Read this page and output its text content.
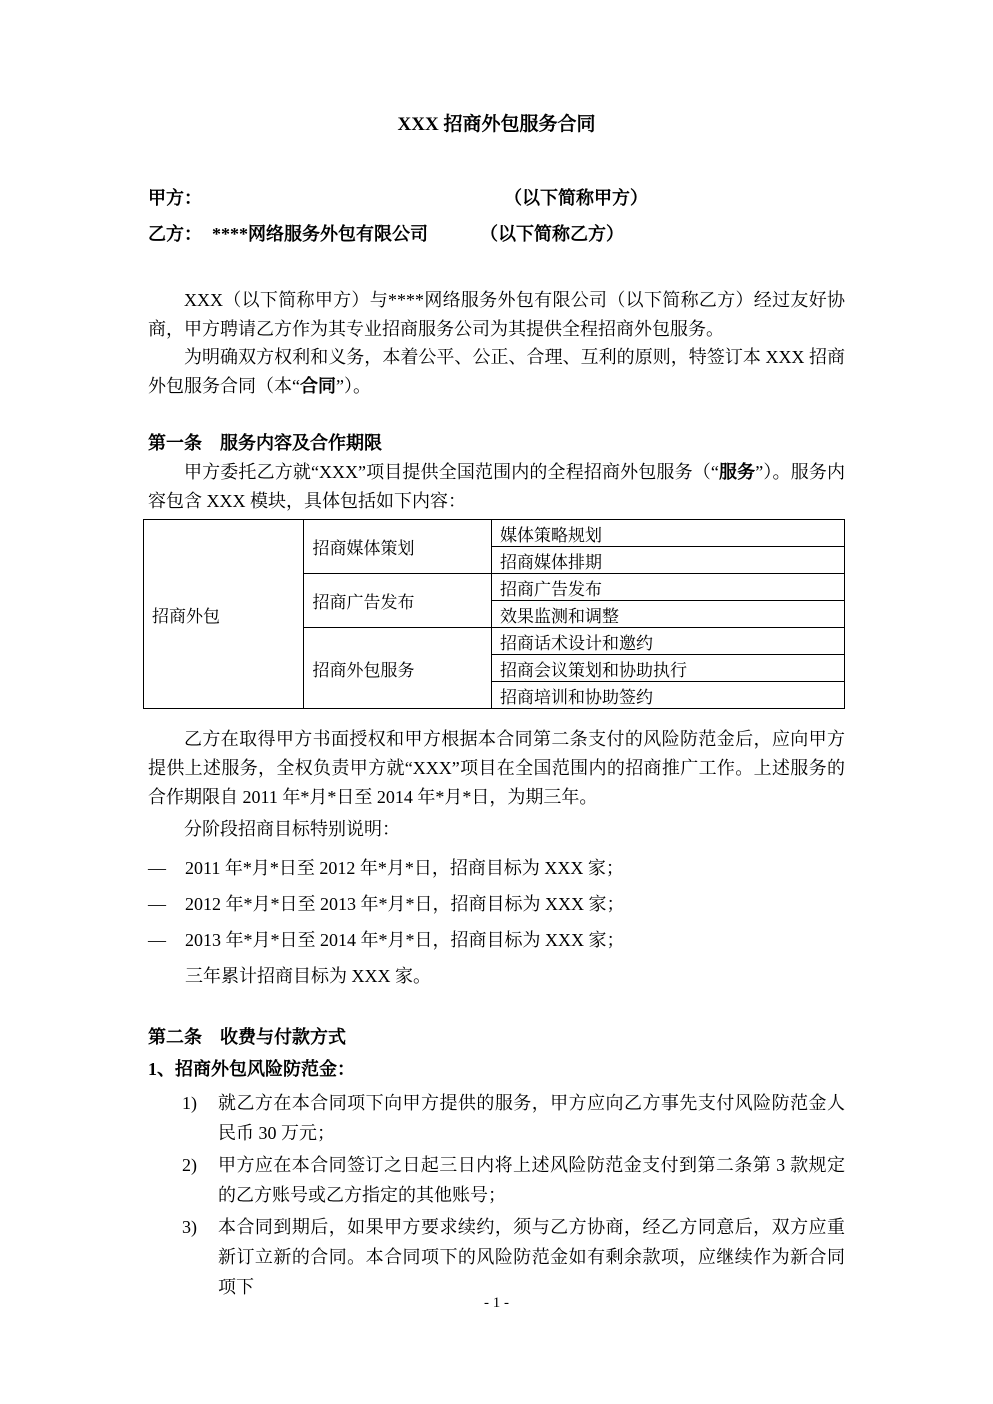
XXX 招商外包服务合同
甲方：	（以下简称甲方）
乙方： ****网络服务外包有限公司	（以下简称乙方）

XXX（以下简称甲方）与****网络服务外包有限公司（以下简称乙方）经过友好协商，甲方聘请乙方作为其专业招商服务公司为其提供全程招商外包服务。

为明确双方权利和义务，本着公平、公正、合理、互利的原则，特签订本 XXX 招商外包服务合同（本“合同”）。

第一条　服务内容及合作期限

甲方委托乙方就“XXX”项目提供全国范围内的全程招商外包服务（“服务”）。服务内容包含 XXX 模块，具体包括如下内容：

招商外包	招商媒体策划	媒体策略规划
		招商媒体排期
	招商广告发布	招商广告发布
		效果监测和调整
	招商外包服务	招商话术设计和邀约
		招商会议策划和协助执行
		招商培训和协助签约

乙方在取得甲方书面授权和甲方根据本合同第二条支付的风险防范金后，应向甲方提供上述服务，全权负责甲方就“XXX”项目在全国范围内的招商推广工作。上述服务的合作期限自 2011 年*月*日至 2014 年*月*日，为期三年。

分阶段招商目标特别说明：

— 2011 年*月*日至 2012 年*月*日，招商目标为 XXX 家；
— 2012 年*月*日至 2013 年*月*日，招商目标为 XXX 家；
— 2013 年*月*日至 2014 年*月*日，招商目标为 XXX 家；
三年累计招商目标为 XXX 家。

第二条　收费与付款方式

1、招商外包风险防范金：

1) 就乙方在本合同项下向甲方提供的服务，甲方应向乙方事先支付风险防范金人民币 30 万元；
2) 甲方应在本合同签订之日起三日内将上述风险防范金支付到第二条第 3 款规定的乙方账号或乙方指定的其他账号；
3) 本合同到期后，如果甲方要求续约，须与乙方协商，经乙方同意后，双方应重新订立新的合同。本合同项下的风险防范金如有剩余款项，应继续作为新合同项下
- 1 -
